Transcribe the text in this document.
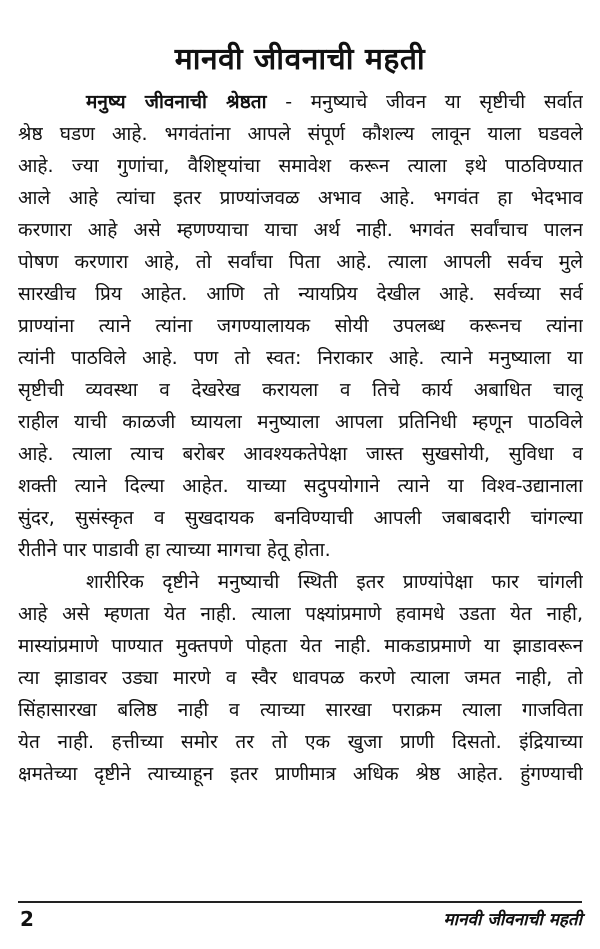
मानवी जीवनाची महती
मनुष्य जीवनाची श्रेष्ठता - मनुष्याचे जीवन या सृष्टीची सर्वात
श्रेष्ठ घडण आहे. भगवंतांना आपले संपूर्ण कौशल्य लावून याला घडवले
आहे. ज्या गुणांचा, वैशिष्ट्यांचा समावेश करून त्याला इथे पाठविण्यात
आले आहे त्यांचा इतर प्राण्यांजवळ अभाव आहे. भगवंत हा भेदभाव
करणारा आहे असे म्हणण्याचा याचा अर्थ नाही. भगवंत सर्वांचाच पालन
पोषण करणारा आहे, तो सर्वांचा पिता आहे. त्याला आपली सर्वच मुले
सारखीच प्रिय आहेत. आणि तो न्यायप्रिय देखील आहे. सर्वच्या सर्व
प्राण्यांना त्याने त्यांना जगण्यालायक सोयी उपलब्ध करूनच त्यांना
त्यांनी पाठविले आहे. पण तो स्वत: निराकार आहे. त्याने मनुष्याला या
सृष्टीची व्यवस्था व देखरेख करायला व तिचे कार्य अबाधित चालू
राहील याची काळजी घ्यायला मनुष्याला आपला प्रतिनिधी म्हणून पाठविले
आहे. त्याला त्याच बरोबर आवश्यकतेपेक्षा जास्त सुखसोयी, सुविधा व
शक्ती त्याने दिल्या आहेत. याच्या सदुपयोगाने त्याने या विश्व-उद्यानाला
सुंदर, सुसंस्कृत व सुखदायक बनविण्याची आपली जबाबदारी चांगल्या
रीतीने पार पाडावी हा त्याच्या मागचा हेतू होता.
शारीरिक दृष्टीने मनुष्याची स्थिती इतर प्राण्यांपेक्षा फार चांगली
आहे असे म्हणता येत नाही. त्याला पक्ष्यांप्रमाणे हवामधे उडता येत नाही,
मास्यांप्रमाणे पाण्यात मुक्तपणे पोहता येत नाही. माकडाप्रमाणे या झाडावरून
त्या झाडावर उड्या मारणे व स्वैर धावपळ करणे त्याला जमत नाही, तो
सिंहासारखा बलिष्ठ नाही व त्याच्या सारखा पराक्रम त्याला गाजविता
येत नाही. हत्तीच्या समोर तर तो एक खुजा प्राणी दिसतो. इंद्रियाच्या
क्षमतेच्या दृष्टीने त्याच्याहून इतर प्राणीमात्र अधिक श्रेष्ठ आहेत. हुंगण्याची
2	मानवी जीवनाची महती
